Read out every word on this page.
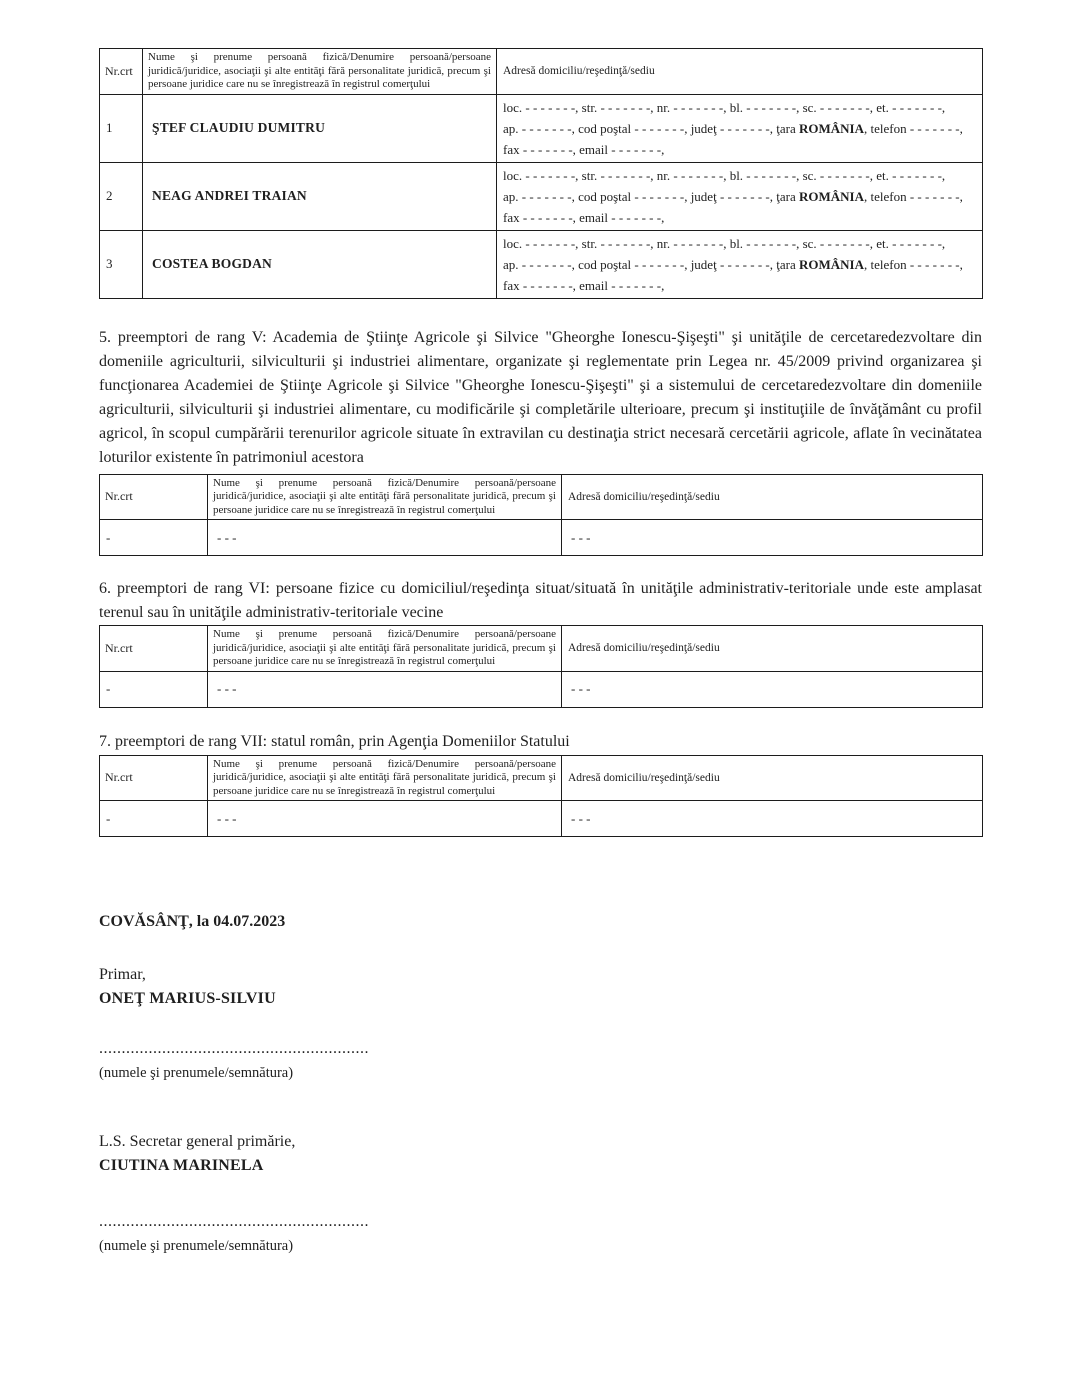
Nr.crt	Nume şi prenume persoană fizică/Denumire persoană/persoane juridică/juridice, asociaţii şi alte entităţi fără personalitate juridică, precum şi persoane juridice care nu se înregistrează în registrul comerţului	Adresă domiciliu/reşedinţă/sediu
1	ŞTEF CLAUDIU DUMITRU	loc. - - - - - - -, str. - - - - - - -, nr. - - - - - - -, bl. - - - - - - -, sc. - - - - - - -, et. - - - - - - -,
ap. - - - - - - -, cod poştal - - - - - - -, judeţ - - - - - - -, ţara ROMÂNIA, telefon - - - - - - -,
fax - - - - - - -, email - - - - - - -,

2	NEAG ANDREI TRAIAN	loc. - - - - - - -, str. - - - - - - -, nr. - - - - - - -, bl. - - - - - - -, sc. - - - - - - -, et. - - - - - - -,
ap. - - - - - - -, cod poştal - - - - - - -, judeţ - - - - - - -, ţara ROMÂNIA, telefon - - - - - - -,
fax - - - - - - -, email - - - - - - -,

3	COSTEA BOGDAN	loc. - - - - - - -, str. - - - - - - -, nr. - - - - - - -, bl. - - - - - - -, sc. - - - - - - -, et. - - - - - - -,
ap. - - - - - - -, cod poştal - - - - - - -, judeţ - - - - - - -, ţara ROMÂNIA, telefon - - - - - - -,
fax - - - - - - -, email - - - - - - -,

5. preemptori de rang V: Academia de Ştiinţe Agricole şi Silvice "Gheorghe Ionescu-Şişeşti" şi unităţile de cercetaredezvoltare din domeniile agriculturii, silviculturii şi industriei alimentare, organizate şi reglementate prin Legea nr. 45/2009 privind organizarea şi funcţionarea Academiei de Ştiinţe Agricole şi Silvice "Gheorghe Ionescu-Şişeşti" şi a sistemului de cercetaredezvoltare din domeniile agriculturii, silviculturii şi industriei alimentare, cu modificările şi completările ulterioare, precum şi instituţiile de învăţământ cu profil agricol, în scopul cumpărării terenurilor agricole situate în extravilan cu destinaţia strict necesară cercetării agricole, aflate în vecinătatea loturilor existente în patrimoniul acestora

Nr.crt	Nume şi prenume persoană fizică/Denumire persoană/persoane juridică/juridice, asociaţii şi alte entităţi fără personalitate juridică, precum şi persoane juridice care nu se înregistrează în registrul comerţului	Adresă domiciliu/reşedinţă/sediu
-	- - -	- - -

6. preemptori de rang VI: persoane fizice cu domiciliul/reşedinţa situat/situată în unităţile administrativ-teritoriale unde este amplasat terenul sau în unităţile administrativ-teritoriale vecine

Nr.crt	Nume şi prenume persoană fizică/Denumire persoană/persoane juridică/juridice, asociaţii şi alte entităţi fără personalitate juridică, precum şi persoane juridice care nu se înregistrează în registrul comerţului	Adresă domiciliu/reşedinţă/sediu
-	- - -	- - -

7. preemptori de rang VII: statul român, prin Agenţia Domeniilor Statului

Nr.crt	Nume şi prenume persoană fizică/Denumire persoană/persoane juridică/juridice, asociaţii şi alte entităţi fără personalitate juridică, precum şi persoane juridice care nu se înregistrează în registrul comerţului	Adresă domiciliu/reşedinţă/sediu
-	- - -	- - -
COVĂSÂNŢ, la 04.07.2023
Primar,
ONEŢ MARIUS-SILVIU
............................................................
(numele şi prenumele/semnătura)
L.S. Secretar general primărie,
CIUTINA MARINELA
............................................................
(numele şi prenumele/semnătura)
